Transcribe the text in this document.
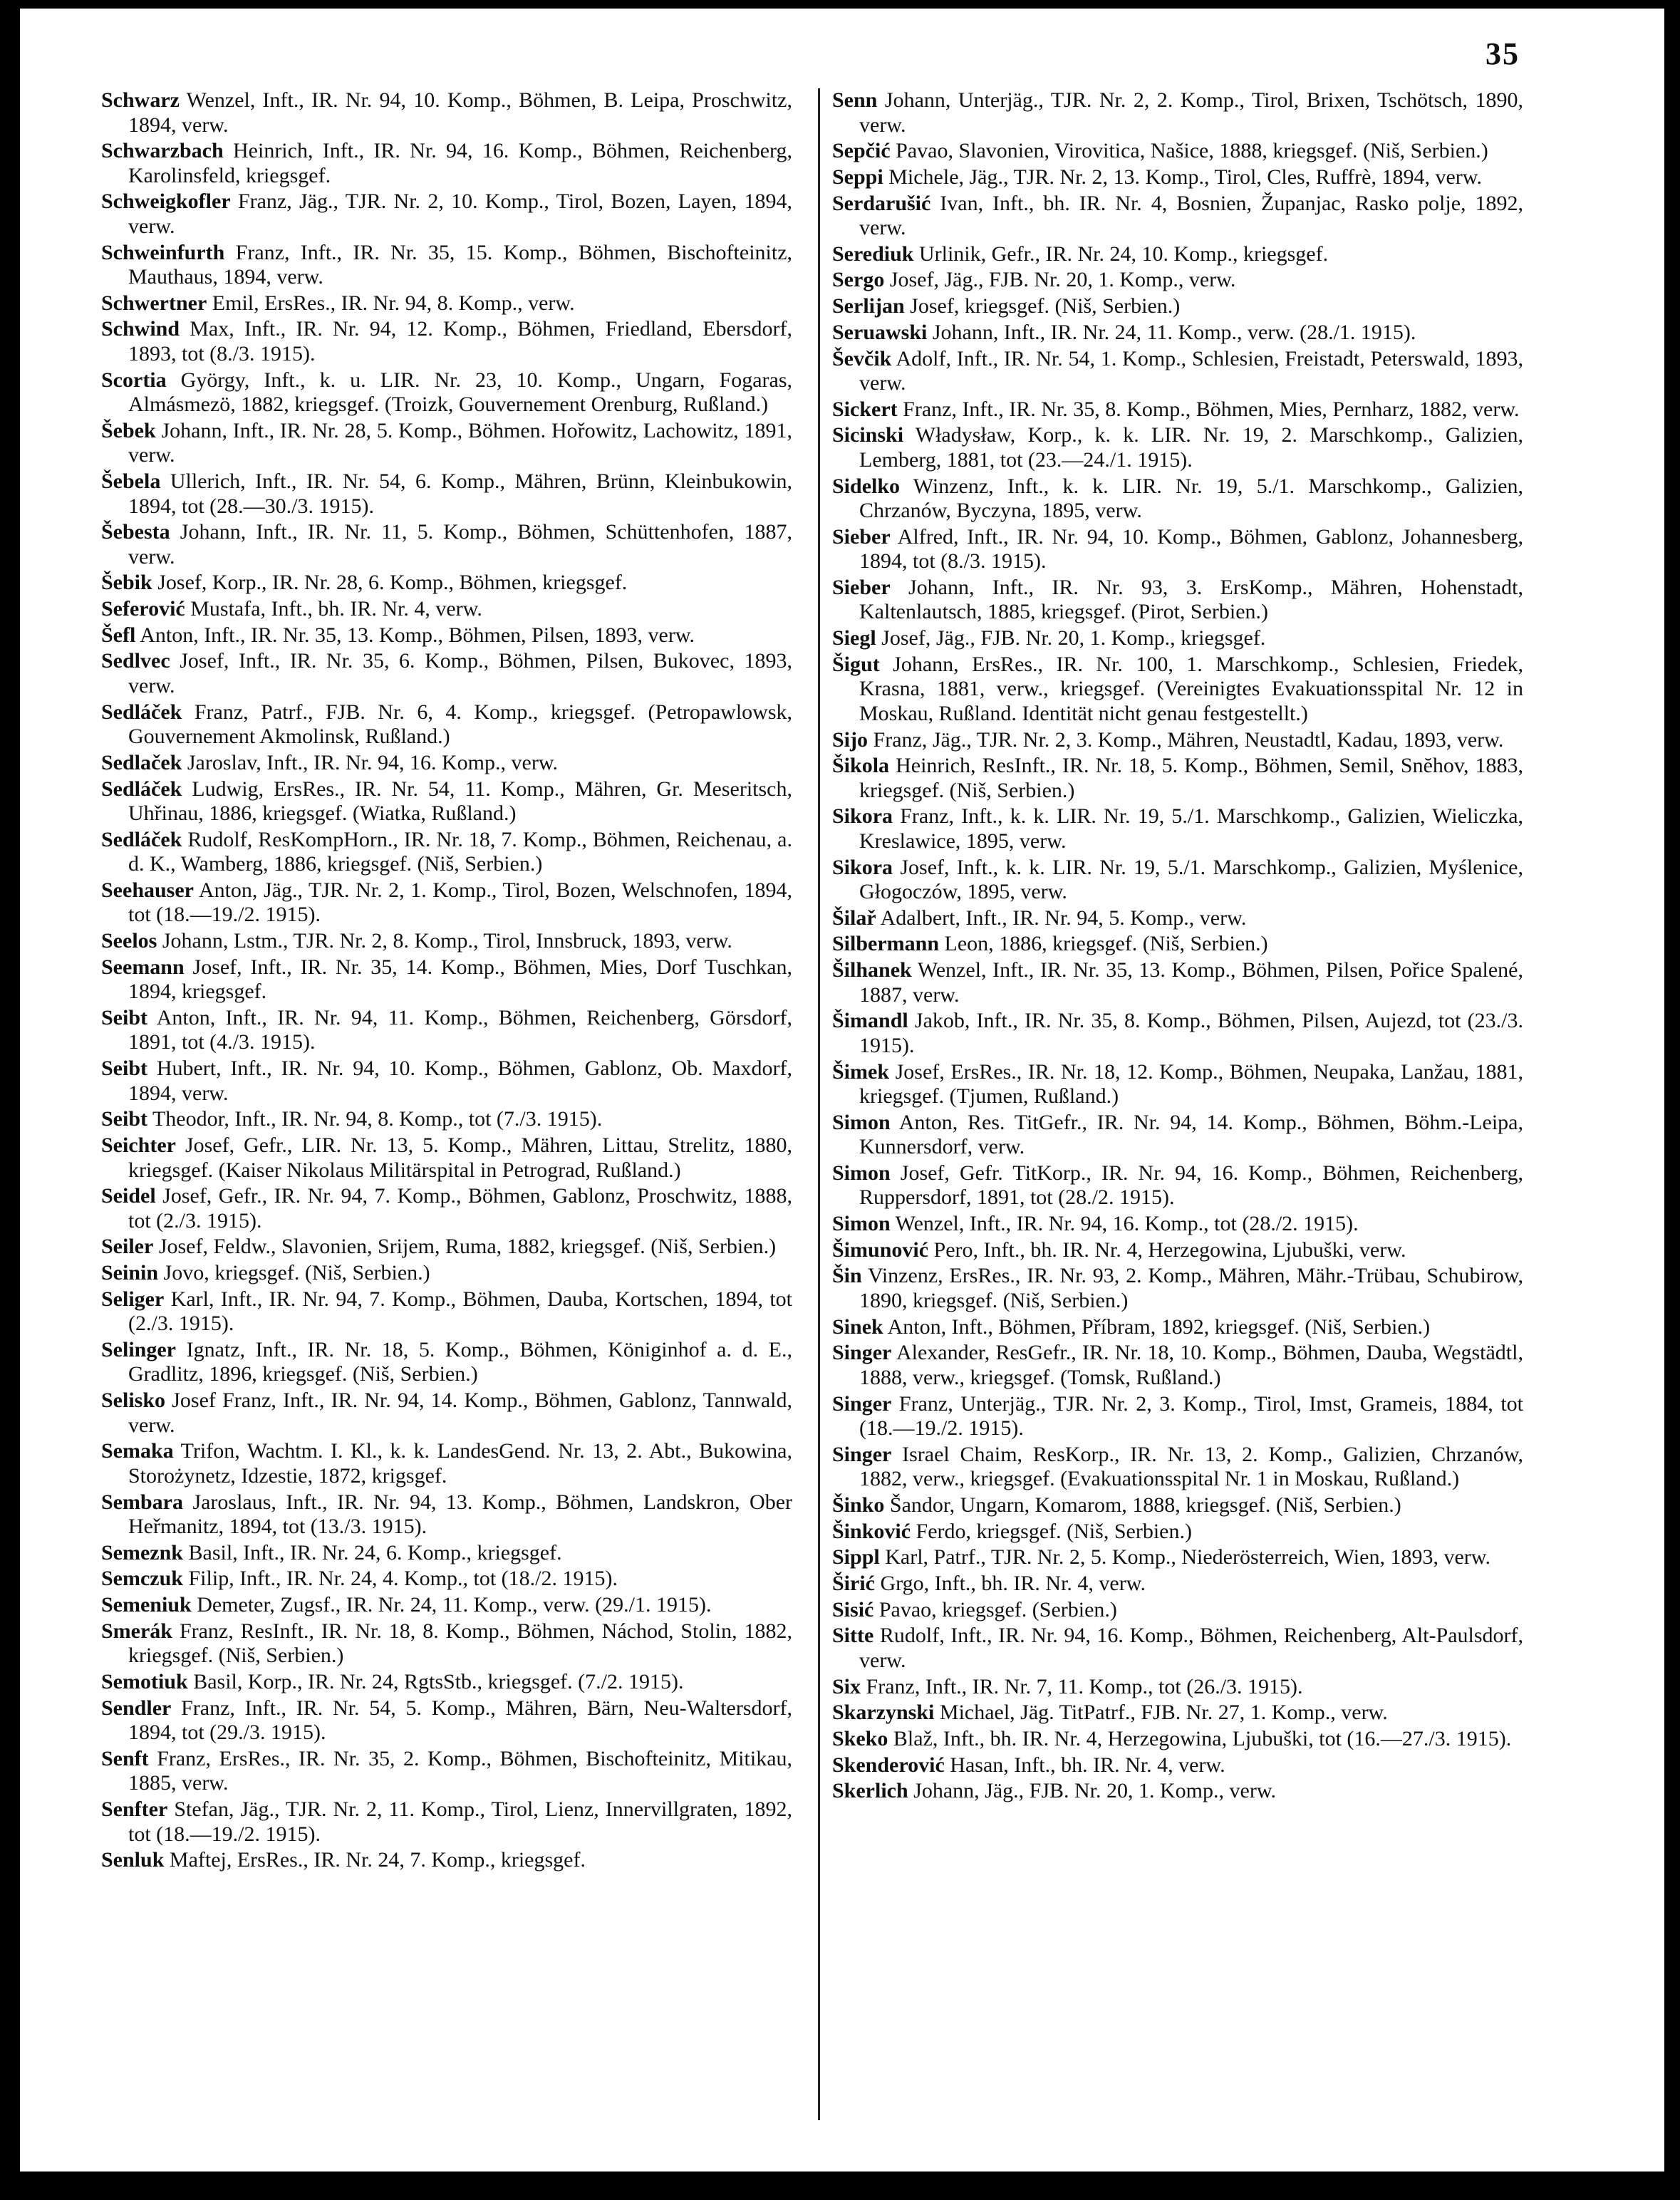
35

Schwarz Wenzel, Inft., IR. Nr. 94, 10. Komp., Böhmen, B. Leipa, Proschwitz, 1894, verw.

Schwarzbach Heinrich, Inft., IR. Nr. 94, 16. Komp., Böhmen, Reichenberg, Karolinsfeld, kriegsgef.

Schweigkofler Franz, Jäg., TJR. Nr. 2, 10. Komp., Tirol, Bozen, Layen, 1894, verw.

Schweinfurth Franz, Inft., IR. Nr. 35, 15. Komp., Böhmen, Bischofteinitz, Mauthaus, 1894, verw.

Schwertner Emil, ErsRes., IR. Nr. 94, 8. Komp., verw.

Schwind Max, Inft., IR. Nr. 94, 12. Komp., Böhmen, Friedland, Ebersdorf, 1893, tot (8./3. 1915).

Scortia György, Inft., k. u. LIR. Nr. 23, 10. Komp., Ungarn, Fogaras, Almásmezö, 1882, kriegsgef. (Troizk, Gouvernement Orenburg, Rußland.)

Šebek Johann, Inft., IR. Nr. 28, 5. Komp., Böhmen. Hořowitz, Lachowitz, 1891, verw.

Šebela Ullerich, Inft., IR. Nr. 54, 6. Komp., Mähren, Brünn, Kleinbukowin, 1894, tot (28.—30./3. 1915).

Šebesta Johann, Inft., IR. Nr. 11, 5. Komp., Böhmen, Schüttenhofen, 1887, verw.

Šebik Josef, Korp., IR. Nr. 28, 6. Komp., Böhmen, kriegsgef.

Seferović Mustafa, Inft., bh. IR. Nr. 4, verw.

Šefl Anton, Inft., IR. Nr. 35, 13. Komp., Böhmen, Pilsen, 1893, verw.

Sedlvec Josef, Inft., IR. Nr. 35, 6. Komp., Böhmen, Pilsen, Bukovec, 1893, verw.

Sedláček Franz, Patrf., FJB. Nr. 6, 4. Komp., kriegsgef. (Petropawlowsk, Gouvernement Akmolinsk, Rußland.)

Sedlaček Jaroslav, Inft., IR. Nr. 94, 16. Komp., verw.

Sedláček Ludwig, ErsRes., IR. Nr. 54, 11. Komp., Mähren, Gr. Meseritsch, Uhřinau, 1886, kriegsgef. (Wiatka, Rußland.)

Sedláček Rudolf, ResKompHorn., IR. Nr. 18, 7. Komp., Böhmen, Reichenau, a. d. K., Wamberg, 1886, kriegsgef. (Niš, Serbien.)

Seehauser Anton, Jäg., TJR. Nr. 2, 1. Komp., Tirol, Bozen, Welschnofen, 1894, tot (18.—19./2. 1915).

Seelos Johann, Lstm., TJR. Nr. 2, 8. Komp., Tirol, Innsbruck, 1893, verw.

Seemann Josef, Inft., IR. Nr. 35, 14. Komp., Böhmen, Mies, Dorf Tuschkan, 1894, kriegsgef.

Seibt Anton, Inft., IR. Nr. 94, 11. Komp., Böhmen, Reichenberg, Görsdorf, 1891, tot (4./3. 1915).

Seibt Hubert, Inft., IR. Nr. 94, 10. Komp., Böhmen, Gablonz, Ob. Maxdorf, 1894, verw.

Seibt Theodor, Inft., IR. Nr. 94, 8. Komp., tot (7./3. 1915).

Seichter Josef, Gefr., LIR. Nr. 13, 5. Komp., Mähren, Littau, Strelitz, 1880, kriegsgef. (Kaiser Nikolaus Militärspital in Petrograd, Rußland.)

Seidel Josef, Gefr., IR. Nr. 94, 7. Komp., Böhmen, Gablonz, Proschwitz, 1888, tot (2./3. 1915).

Seiler Josef, Feldw., Slavonien, Srijem, Ruma, 1882, kriegsgef. (Niš, Serbien.)

Seinin Jovo, kriegsgef. (Niš, Serbien.)

Seliger Karl, Inft., IR. Nr. 94, 7. Komp., Böhmen, Dauba, Kortschen, 1894, tot (2./3. 1915).

Selinger Ignatz, Inft., IR. Nr. 18, 5. Komp., Böhmen, Königinhof a. d. E., Gradlitz, 1896, kriegsgef. (Niš, Serbien.)

Selisko Josef Franz, Inft., IR. Nr. 94, 14. Komp., Böhmen, Gablonz, Tannwald, verw.

Semaka Trifon, Wachtm. I. Kl., k. k. LandesGend. Nr. 13, 2. Abt., Bukowina, Storożynetz, Idzestie, 1872, krigsgef.

Sembara Jaroslaus, Inft., IR. Nr. 94, 13. Komp., Böhmen, Landskron, Ober Heřmanitz, 1894, tot (13./3. 1915).

Semeznk Basil, Inft., IR. Nr. 24, 6. Komp., kriegsgef.

Semczuk Filip, Inft., IR. Nr. 24, 4. Komp., tot (18./2. 1915).

Semeniuk Demeter, Zugsf., IR. Nr. 24, 11. Komp., verw. (29./1. 1915).

Smerák Franz, ResInft., IR. Nr. 18, 8. Komp., Böhmen, Náchod, Stolin, 1882, kriegsgef. (Niš, Serbien.)

Semotiuk Basil, Korp., IR. Nr. 24, RgtsStb., kriegsgef. (7./2. 1915).

Sendler Franz, Inft., IR. Nr. 54, 5. Komp., Mähren, Bärn, Neu-Waltersdorf, 1894, tot (29./3. 1915).

Senft Franz, ErsRes., IR. Nr. 35, 2. Komp., Böhmen, Bischofteinitz, Mitikau, 1885, verw.

Senfter Stefan, Jäg., TJR. Nr. 2, 11. Komp., Tirol, Lienz, Innervillgraten, 1892, tot (18.—19./2. 1915).

Senluk Maftej, ErsRes., IR. Nr. 24, 7. Komp., kriegsgef.

Senn Johann, Unterjäg., TJR. Nr. 2, 2. Komp., Tirol, Brixen, Tschötsch, 1890, verw.

Sepčić Pavao, Slavonien, Virovitica, Našice, 1888, kriegsgef. (Niš, Serbien.)

Seppi Michele, Jäg., TJR. Nr. 2, 13. Komp., Tirol, Cles, Ruffrè, 1894, verw.

Serdarušić Ivan, Inft., bh. IR. Nr. 4, Bosnien, Županjac, Rasko polje, 1892, verw.

Serediuk Urlinik, Gefr., IR. Nr. 24, 10. Komp., kriegsgef.

Sergo Josef, Jäg., FJB. Nr. 20, 1. Komp., verw.

Serlijan Josef, kriegsgef. (Niš, Serbien.)

Seruawski Johann, Inft., IR. Nr. 24, 11. Komp., verw. (28./1. 1915).

Ševčik Adolf, Inft., IR. Nr. 54, 1. Komp., Schlesien, Freistadt, Peterswald, 1893, verw.

Sickert Franz, Inft., IR. Nr. 35, 8. Komp., Böhmen, Mies, Pernharz, 1882, verw.

Sicinski Władysław, Korp., k. k. LIR. Nr. 19, 2. Marschkomp., Galizien, Lemberg, 1881, tot (23.—24./1. 1915).

Sidelko Winzenz, Inft., k. k. LIR. Nr. 19, 5./1. Marschkomp., Galizien, Chrzanów, Byczyna, 1895, verw.

Sieber Alfred, Inft., IR. Nr. 94, 10. Komp., Böhmen, Gablonz, Johannesberg, 1894, tot (8./3. 1915).

Sieber Johann, Inft., IR. Nr. 93, 3. ErsKomp., Mähren, Hohenstadt, Kaltenlautsch, 1885, kriegsgef. (Pirot, Serbien.)

Siegl Josef, Jäg., FJB. Nr. 20, 1. Komp., kriegsgef.

Šigut Johann, ErsRes., IR. Nr. 100, 1. Marschkomp., Schlesien, Friedek, Krasna, 1881, verw., kriegsgef. (Vereinigtes Evakuationsspital Nr. 12 in Moskau, Rußland. Identität nicht genau festgestellt.)

Sijo Franz, Jäg., TJR. Nr. 2, 3. Komp., Mähren, Neustadtl, Kadau, 1893, verw.

Šikola Heinrich, ResInft., IR. Nr. 18, 5. Komp., Böhmen, Semil, Snĕhov, 1883, kriegsgef. (Niš, Serbien.)

Sikora Franz, Inft., k. k. LIR. Nr. 19, 5./1. Marschkomp., Galizien, Wieliczka, Kreslawice, 1895, verw.

Sikora Josef, Inft., k. k. LIR. Nr. 19, 5./1. Marschkomp., Galizien, Myślenice, Głogoczów, 1895, verw.

Šilař Adalbert, Inft., IR. Nr. 94, 5. Komp., verw.

Silbermann Leon, 1886, kriegsgef. (Niš, Serbien.)

Šilhanek Wenzel, Inft., IR. Nr. 35, 13. Komp., Böhmen, Pilsen, Pořice Spalené, 1887, verw.

Šimandl Jakob, Inft., IR. Nr. 35, 8. Komp., Böhmen, Pilsen, Aujezd, tot (23./3. 1915).

Šimek Josef, ErsRes., IR. Nr. 18, 12. Komp., Böhmen, Neupaka, Lanžau, 1881, kriegsgef. (Tjumen, Rußland.)

Simon Anton, Res. TitGefr., IR. Nr. 94, 14. Komp., Böhmen, Böhm.-Leipa, Kunnersdorf, verw.

Simon Josef, Gefr. TitKorp., IR. Nr. 94, 16. Komp., Böhmen, Reichenberg, Ruppersdorf, 1891, tot (28./2. 1915).

Simon Wenzel, Inft., IR. Nr. 94, 16. Komp., tot (28./2. 1915).

Šimunović Pero, Inft., bh. IR. Nr. 4, Herzegowina, Ljubuški, verw.

Šin Vinzenz, ErsRes., IR. Nr. 93, 2. Komp., Mähren, Mähr.-Trübau, Schubirow, 1890, kriegsgef. (Niš, Serbien.)

Sinek Anton, Inft., Böhmen, Příbram, 1892, kriegsgef. (Niš, Serbien.)

Singer Alexander, ResGefr., IR. Nr. 18, 10. Komp., Böhmen, Dauba, Wegstädtl, 1888, verw., kriegsgef. (Tomsk, Rußland.)

Singer Franz, Unterjäg., TJR. Nr. 2, 3. Komp., Tirol, Imst, Grameis, 1884, tot (18.—19./2. 1915).

Singer Israel Chaim, ResKorp., IR. Nr. 13, 2. Komp., Galizien, Chrzanów, 1882, verw., kriegsgef. (Evakuationsspital Nr. 1 in Moskau, Rußland.)

Šinko Šandor, Ungarn, Komarom, 1888, kriegsgef. (Niš, Serbien.)

Šinković Ferdo, kriegsgef. (Niš, Serbien.)

Sippl Karl, Patrf., TJR. Nr. 2, 5. Komp., Niederösterreich, Wien, 1893, verw.

Širić Grgo, Inft., bh. IR. Nr. 4, verw.

Sisić Pavao, kriegsgef. (Serbien.)

Sitte Rudolf, Inft., IR. Nr. 94, 16. Komp., Böhmen, Reichenberg, Alt-Paulsdorf, verw.

Six Franz, Inft., IR. Nr. 7, 11. Komp., tot (26./3. 1915).

Skarzynski Michael, Jäg. TitPatrf., FJB. Nr. 27, 1. Komp., verw.

Skeko Blaž, Inft., bh. IR. Nr. 4, Herzegowina, Ljubuški, tot (16.—27./3. 1915).

Skenderović Hasan, Inft., bh. IR. Nr. 4, verw.

Skerlich Johann, Jäg., FJB. Nr. 20, 1. Komp., verw.
